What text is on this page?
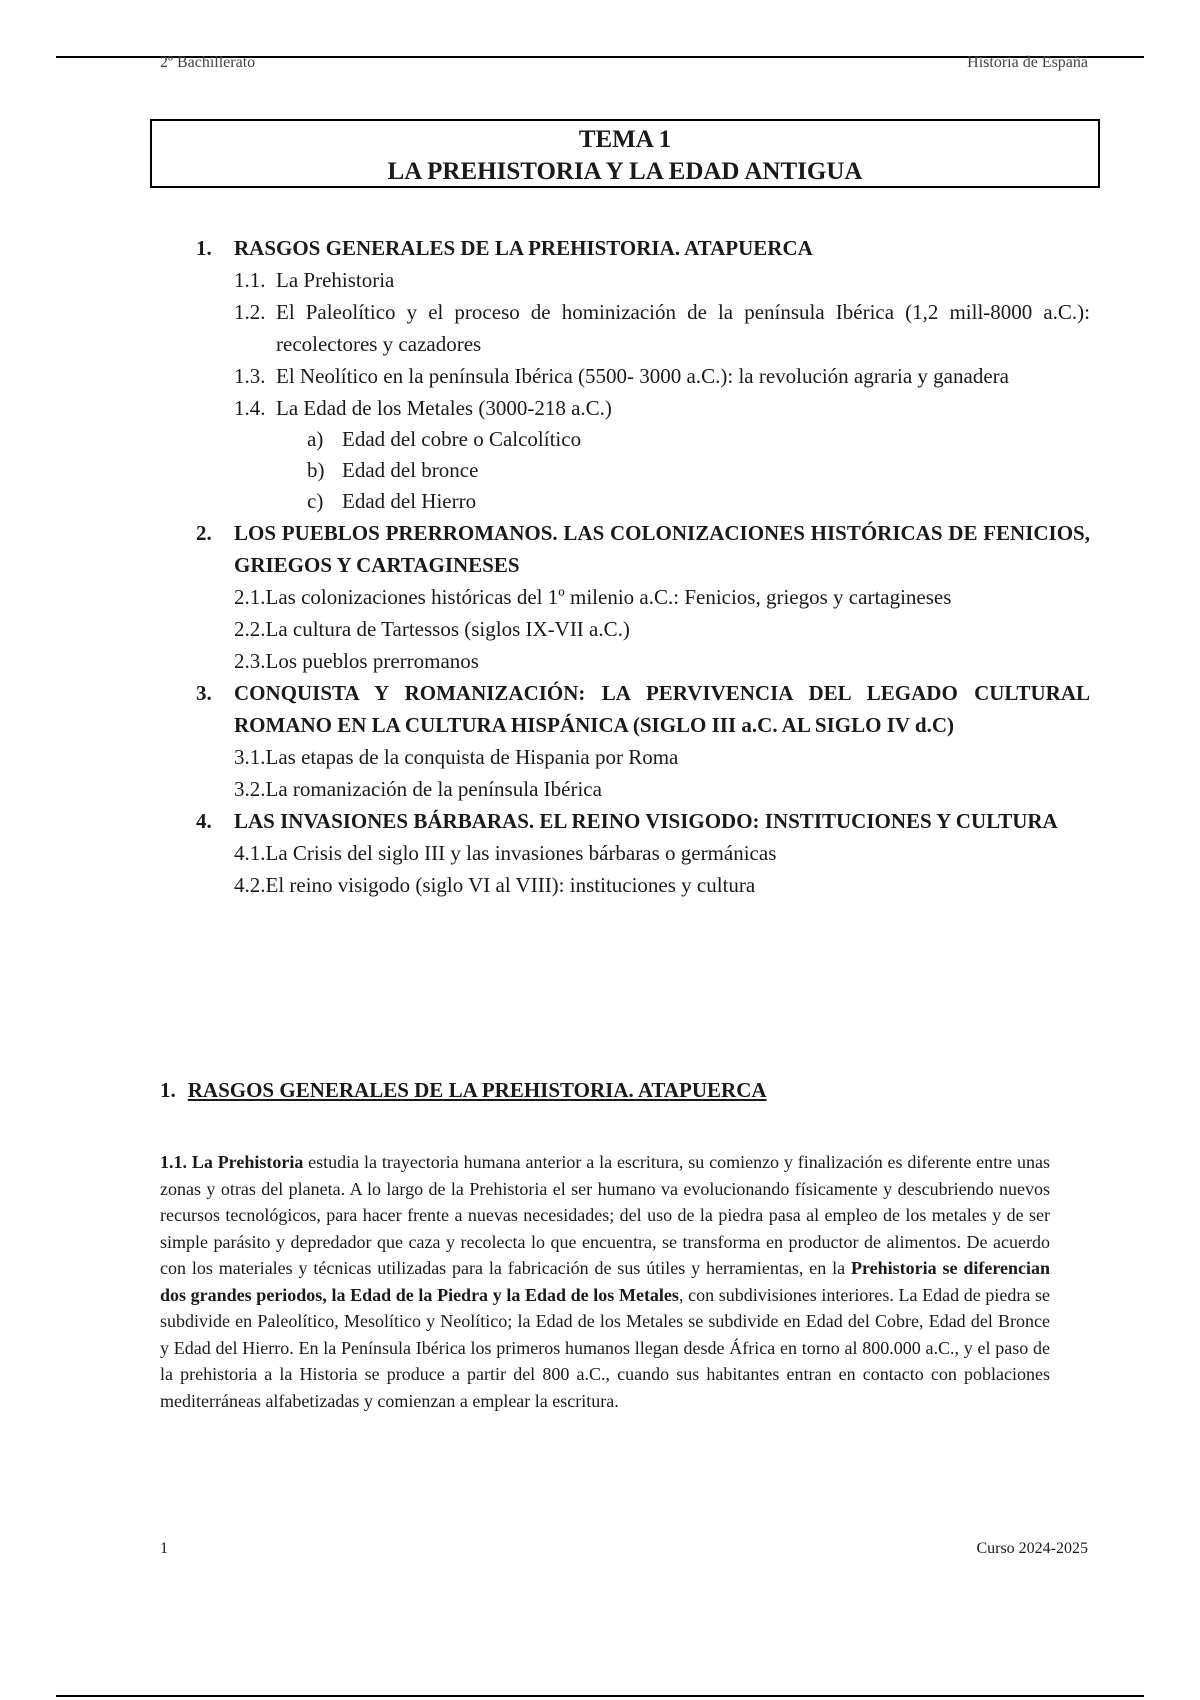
2º Bachillerato	Historia de España
TEMA 1
LA PREHISTORIA Y LA EDAD ANTIGUA
1. RASGOS GENERALES DE LA PREHISTORIA. ATAPUERCA
1.1. La Prehistoria
1.2. El Paleolítico y el proceso de hominización de la península Ibérica (1,2 mill-8000 a.C.): recolectores y cazadores
1.3. El Neolítico en la península Ibérica (5500- 3000 a.C.): la revolución agraria y ganadera
1.4. La Edad de los Metales (3000-218 a.C.)
a) Edad del cobre o Calcolítico
b) Edad del bronce
c) Edad del Hierro
2. LOS PUEBLOS PRERROMANOS. LAS COLONIZACIONES HISTÓRICAS DE FENICIOS, GRIEGOS Y CARTAGINESES
2.1.Las colonizaciones históricas del 1º milenio a.C.: Fenicios, griegos y cartagineses
2.2.La cultura de Tartessos (siglos IX-VII a.C.)
2.3.Los pueblos prerromanos
3. CONQUISTA Y ROMANIZACIÓN: LA PERVIVENCIA DEL LEGADO CULTURAL ROMANO EN LA CULTURA HISPÁNICA (SIGLO III a.C. AL SIGLO IV d.C)
3.1.Las etapas de la conquista de Hispania por Roma
3.2.La romanización de la península Ibérica
4. LAS INVASIONES BÁRBARAS. EL REINO VISIGODO: INSTITUCIONES Y CULTURA
4.1.La Crisis del siglo III y las invasiones bárbaras o germánicas
4.2.El reino visigodo (siglo VI al VIII): instituciones y cultura
1. RASGOS GENERALES DE LA PREHISTORIA. ATAPUERCA

1.1. La Prehistoria estudia la trayectoria humana anterior a la escritura, su comienzo y finalización es diferente entre unas zonas y otras del planeta. A lo largo de la Prehistoria el ser humano va evolucionando físicamente y descubriendo nuevos recursos tecnológicos, para hacer frente a nuevas necesidades; del uso de la piedra pasa al empleo de los metales y de ser simple parásito y depredador que caza y recolecta lo que encuentra, se transforma en productor de alimentos. De acuerdo con los materiales y técnicas utilizadas para la fabricación de sus útiles y herramientas, en la Prehistoria se diferencian dos grandes periodos, la Edad de la Piedra y la Edad de los Metales, con subdivisiones interiores. La Edad de piedra se subdivide en Paleolítico, Mesolítico y Neolítico; la Edad de los Metales se subdivide en Edad del Cobre, Edad del Bronce y Edad del Hierro. En la Península Ibérica los primeros humanos llegan desde África en torno al 800.000 a.C., y el paso de la prehistoria a la Historia se produce a partir del 800 a.C., cuando sus habitantes entran en contacto con poblaciones mediterráneas alfabetizadas y comienzan a emplear la escritura.

1	Curso 2024-2025
